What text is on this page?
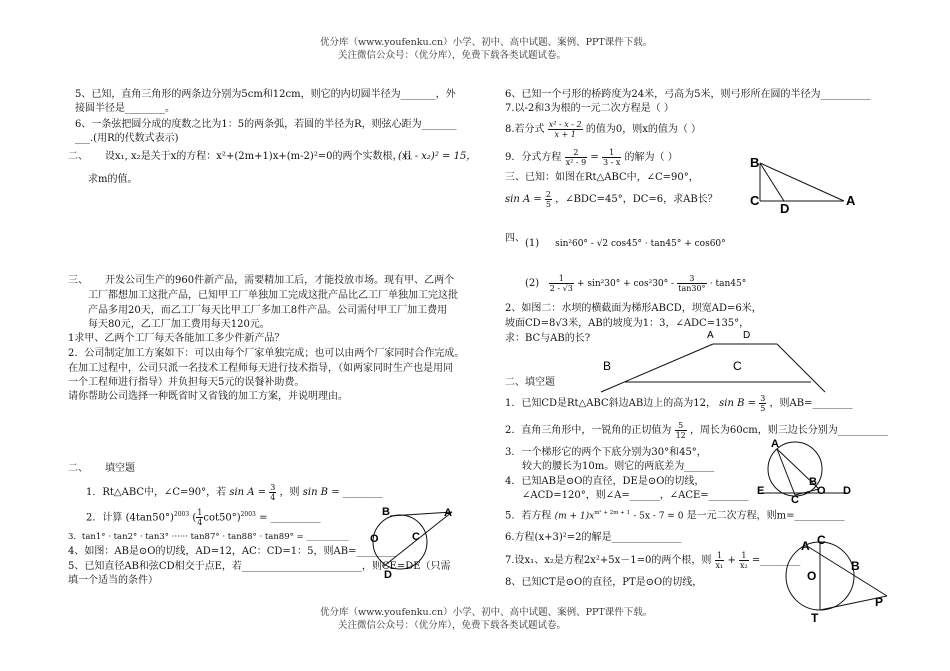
优分库（www.youfenku.cn）小学、初中、高中试题、案例、PPT课件下载。
关注微信公众号：（优分库），免费下载各类试题试卷。
5、已知，直角三角形的两条边分别为5cm和12cm，则它的内切圆半径为_______，外
接圆半径是________。
6、一条弦把圆分成的度数之比为1：5的两条弧，若圆的半径为R，则弦心距为_______
___.(用R的代数式表示)
二、 设x₁, x₂是关于x的方程：x²+(2m+1)x+(m-2)²=0的两个实数根，且
(x₁ - x₂)² = 15，
求m的值。
三、 开发公司生产的960件新产品，需要精加工后，才能投放市场。现有甲、乙两个
工厂都想加工这批产品，已知甲工厂单独加工完成这批产品比乙工厂单独加工完这批
产品多用20天，而乙工厂每天比甲工厂多加工8件产品。公司需付甲工厂加工费用
每天80元，乙工厂加工费用每天120元。
1求甲、乙两个工厂每天各能加工多少件新产品？
2．公司制定加工方案如下：可以由每个厂家单独完成；也可以由两个厂家同时合作完成。
在加工过程中，公司只派一名技术工程师每天进行技术指导，（如两家同时生产也是用同
一个工程师进行指导）并负担每天5元的误餐补助费。
请你帮助公司选择一种既省时又省钱的加工方案，并说明理由。
二、 填空题
1．Rt△ABC中，∠C=90°，若 $\sin A = \frac{3}{4}$ ，则 sin B = ________
2．计算 $(4\tan 50^\circ)^{2003}$ ( $\frac{1}{4} \cot 50^\circ)^{2003}$ = __________
3．tan1° · tan2° · tan3° ······ tan87° · tan88° · tan89° = __________
4、如图：AB是⊙O的切线，AD=12，AC：CD=1：5，则AB=________
5、已知直径AB和弦CD相交于点E，若________________________，则CE=DE（只需
填一个适当的条件）
B	A
O	C
D
6、已知一个弓形的桥跨度为24米，弓高为5米，则弓形所在圆的半径为__________
7.以-2和3为根的一元二次方程是（ ）
8.若分式 $\frac{\text{x² - x - 2}}{x + 1}$ 的值为0，则x的值为（ ）
9．分式方程 $\frac{2}{\text{x² - 9}} = \frac{1}{3 - x}$ 的解为（ ）
三、已知：如图在Rt△ABC中，∠C=90°，
$\sin A = \frac{2}{5}$ ，∠BDC=45°，DC=6，求AB长？
B
C
D
A
四、 (1) sin²60° - √2 cos45° · tan45° + cos60°
$(2) \frac{1}{2 - √3} + \sin^230^\circ + \cos^230^\circ - \frac{3}{\tan 30^\circ} \cdot \tan 45^\circ$
2、如图二：水坝的横截面为梯形ABCD，坝宽AD=6米，
坡面CD=8√3米，AB的坡度为1：3，∠ADC=135°，
求：BC与AB的长?	A	D
B	C
二、填空题
1．已知CD是Rt△ABC斜边AB边上的高为12， $\sin B = \frac{3}{5}$ ，则AB=________
2．直角三角形中，一锐角的正切值为 $\frac{5}{12}$ ，周长为60cm，则三边长分别为__________
3．一个梯形它的两个下底分别为30°和45°，
较大的腰长为10m。则它的两底差为______
4．已知AB是⊙O的直径，DE是⊙O的切线，
∠ACD=120°，则∠A=______，∠ACE=________
5．若方程 $(m + 1)x^{m^2 + 2m + 1} - 5x - 7 = 0$ 是一元二次方程，则m=__________
6.方程(x+3)²=2的解是______________
7.设x₁、x₂是方程2x²+5x－1=0的两个根，则 $\frac{1}{\text{x₁}} + \frac{1}{\text{x₂}}$ =________
8、已知CT是⊙O的直径，PT是⊙O的切线，
A
C
O D
B
E
A C
O
B
T
P
优分库（www.youfenku.cn）小学、初中、高中试题、案例、PPT课件下载。
关注微信公众号：（优分库），免费下载各类试题试卷。
